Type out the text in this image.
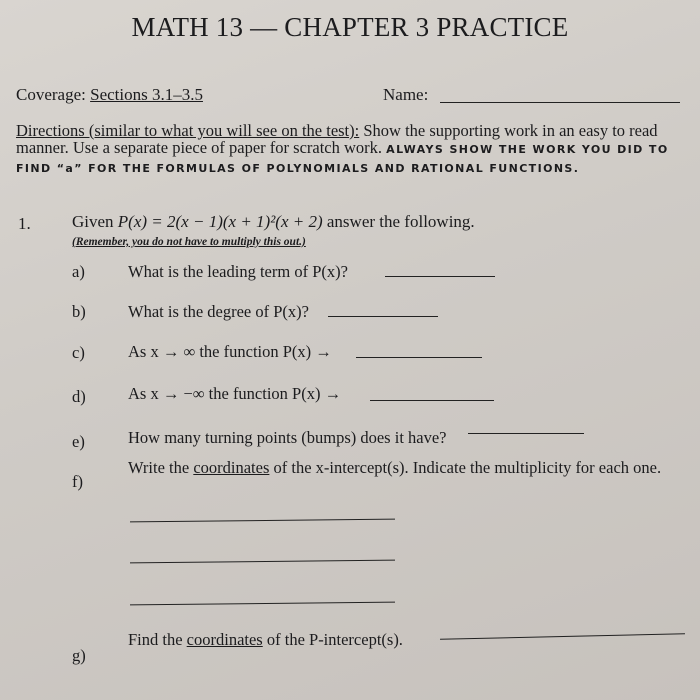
MATH 13 — CHAPTER 3 PRACTICE
Coverage: Sections 3.1–3.5	Name:
Directions (similar to what you will see on the test): Show the supporting work in an easy to read manner. Use a separate piece of paper for scratch work. ALWAYS SHOW THE WORK YOU DID TO FIND “a” FOR THE FORMULAS OF POLYNOMIALS AND RATIONAL FUNCTIONS.
1. Given P(x) = 2(x − 1)(x + 1)²(x + 2) answer the following.
(Remember, you do not have to multiply this out.)
a)	What is the leading term of P(x)?
b)	What is the degree of P(x)?
c)	As x → ∞ the function P(x) →
d)	As x → −∞ the function P(x) →
e)	How many turning points (bumps) does it have?
f)
Write the coordinates of the x-intercept(s). Indicate the multiplicity for each one.
g)
Find the coordinates of the P-intercept(s).
